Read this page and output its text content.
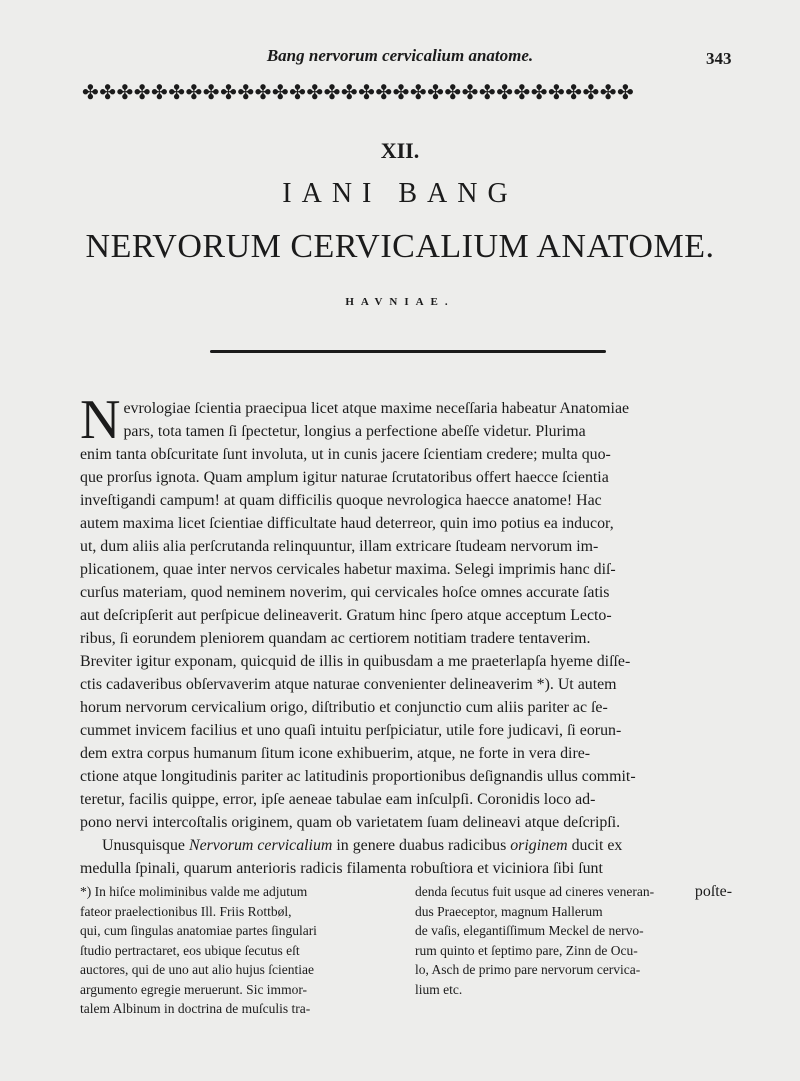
Bang nervorum cervicalium anatome.	343
✤✤✤✤✤✤✤✤✤✤✤✤✤✤✤✤✤✤✤✤✤✤✤✤✤✤✤✤✤✤✤✤
XII.
IANI BANG
NERVORUM CERVICALIUM ANATOME.
HAVNIAE.
N evrologiae ſcientia praecipua licet atque maxime neceſſaria habeatur Anatomiae
pars, tota tamen ſi ſpectetur, longius a perfectione abeſſe videtur. Plurima
enim tanta obſcuritate ſunt involuta, ut in cunis jacere ſcientiam credere; multa quo-
que prorſus ignota. Quam amplum igitur naturae ſcrutatoribus offert haecce ſcientia
inveſtigandi campum! at quam difficilis quoque nevrologica haecce anatome! Hac
autem maxima licet ſcientiae difficultate haud deterreor, quin imo potius ea inducor,
ut, dum aliis alia perſcrutanda relinquuntur, illam extricare ſtudeam nervorum im-
plicationem, quae inter nervos cervicales habetur maxima. Selegi imprimis hanc diſ-
curſus materiam, quod neminem noverim, qui cervicales hoſce omnes accurate ſatis
aut deſcripſerit aut perſpicue delineaverit. Gratum hinc ſpero atque acceptum Lecto-
ribus, ſi eorundem pleniorem quandam ac certiorem notitiam tradere tentaverim.
Breviter igitur exponam, quicquid de illis in quibusdam a me praeterlapſa hyeme diſſe-
ctis cadaveribus obſervaverim atque naturae convenienter delineaverim *). Ut autem
horum nervorum cervicalium origo, diſtributio et conjunctio cum aliis pariter ac ſe-
cummet invicem facilius et uno quaſi intuitu perſpiciatur, utile fore judicavi, ſi eorun-
dem extra corpus humanum ſitum icone exhibuerim, atque, ne forte in vera dire-
ctione atque longitudinis pariter ac latitudinis proportionibus deſignandis ullus commit-
teretur, facilis quippe, error, ipſe aeneae tabulae eam inſculpſi. Coronidis loco ad-
pono nervi intercoſtalis originem, quam ob varietatem ſuam delineavi atque deſcripſi.
Unusquisque Nervorum cervicalium in genere duabus radicibus originem ducit ex
medulla ſpinali, quarum anterioris radicis filamenta robuſtiora et viciniora ſibi ſunt
poſte-
*) In hiſce moliminibus valde me adjutum
fateor praelectionibus Ill. Friis Rottbøl,
qui, cum ſingulas anatomiae partes ſingulari
ſtudio pertractaret, eos ubique ſecutus eſt
auctores, qui de uno aut alio hujus ſcientiae
argumento egregie meruerunt. Sic immor-
talem Albinum in doctrina de muſculis tra-
denda ſecutus fuit usque ad cineres veneran-
dus Praeceptor, magnum Hallerum
de vaſis, elegantiſſimum Meckel de nervo-
rum quinto et ſeptimo pare, Zinn de Ocu-
lo, Asch de primo pare nervorum cervica-
lium etc.
